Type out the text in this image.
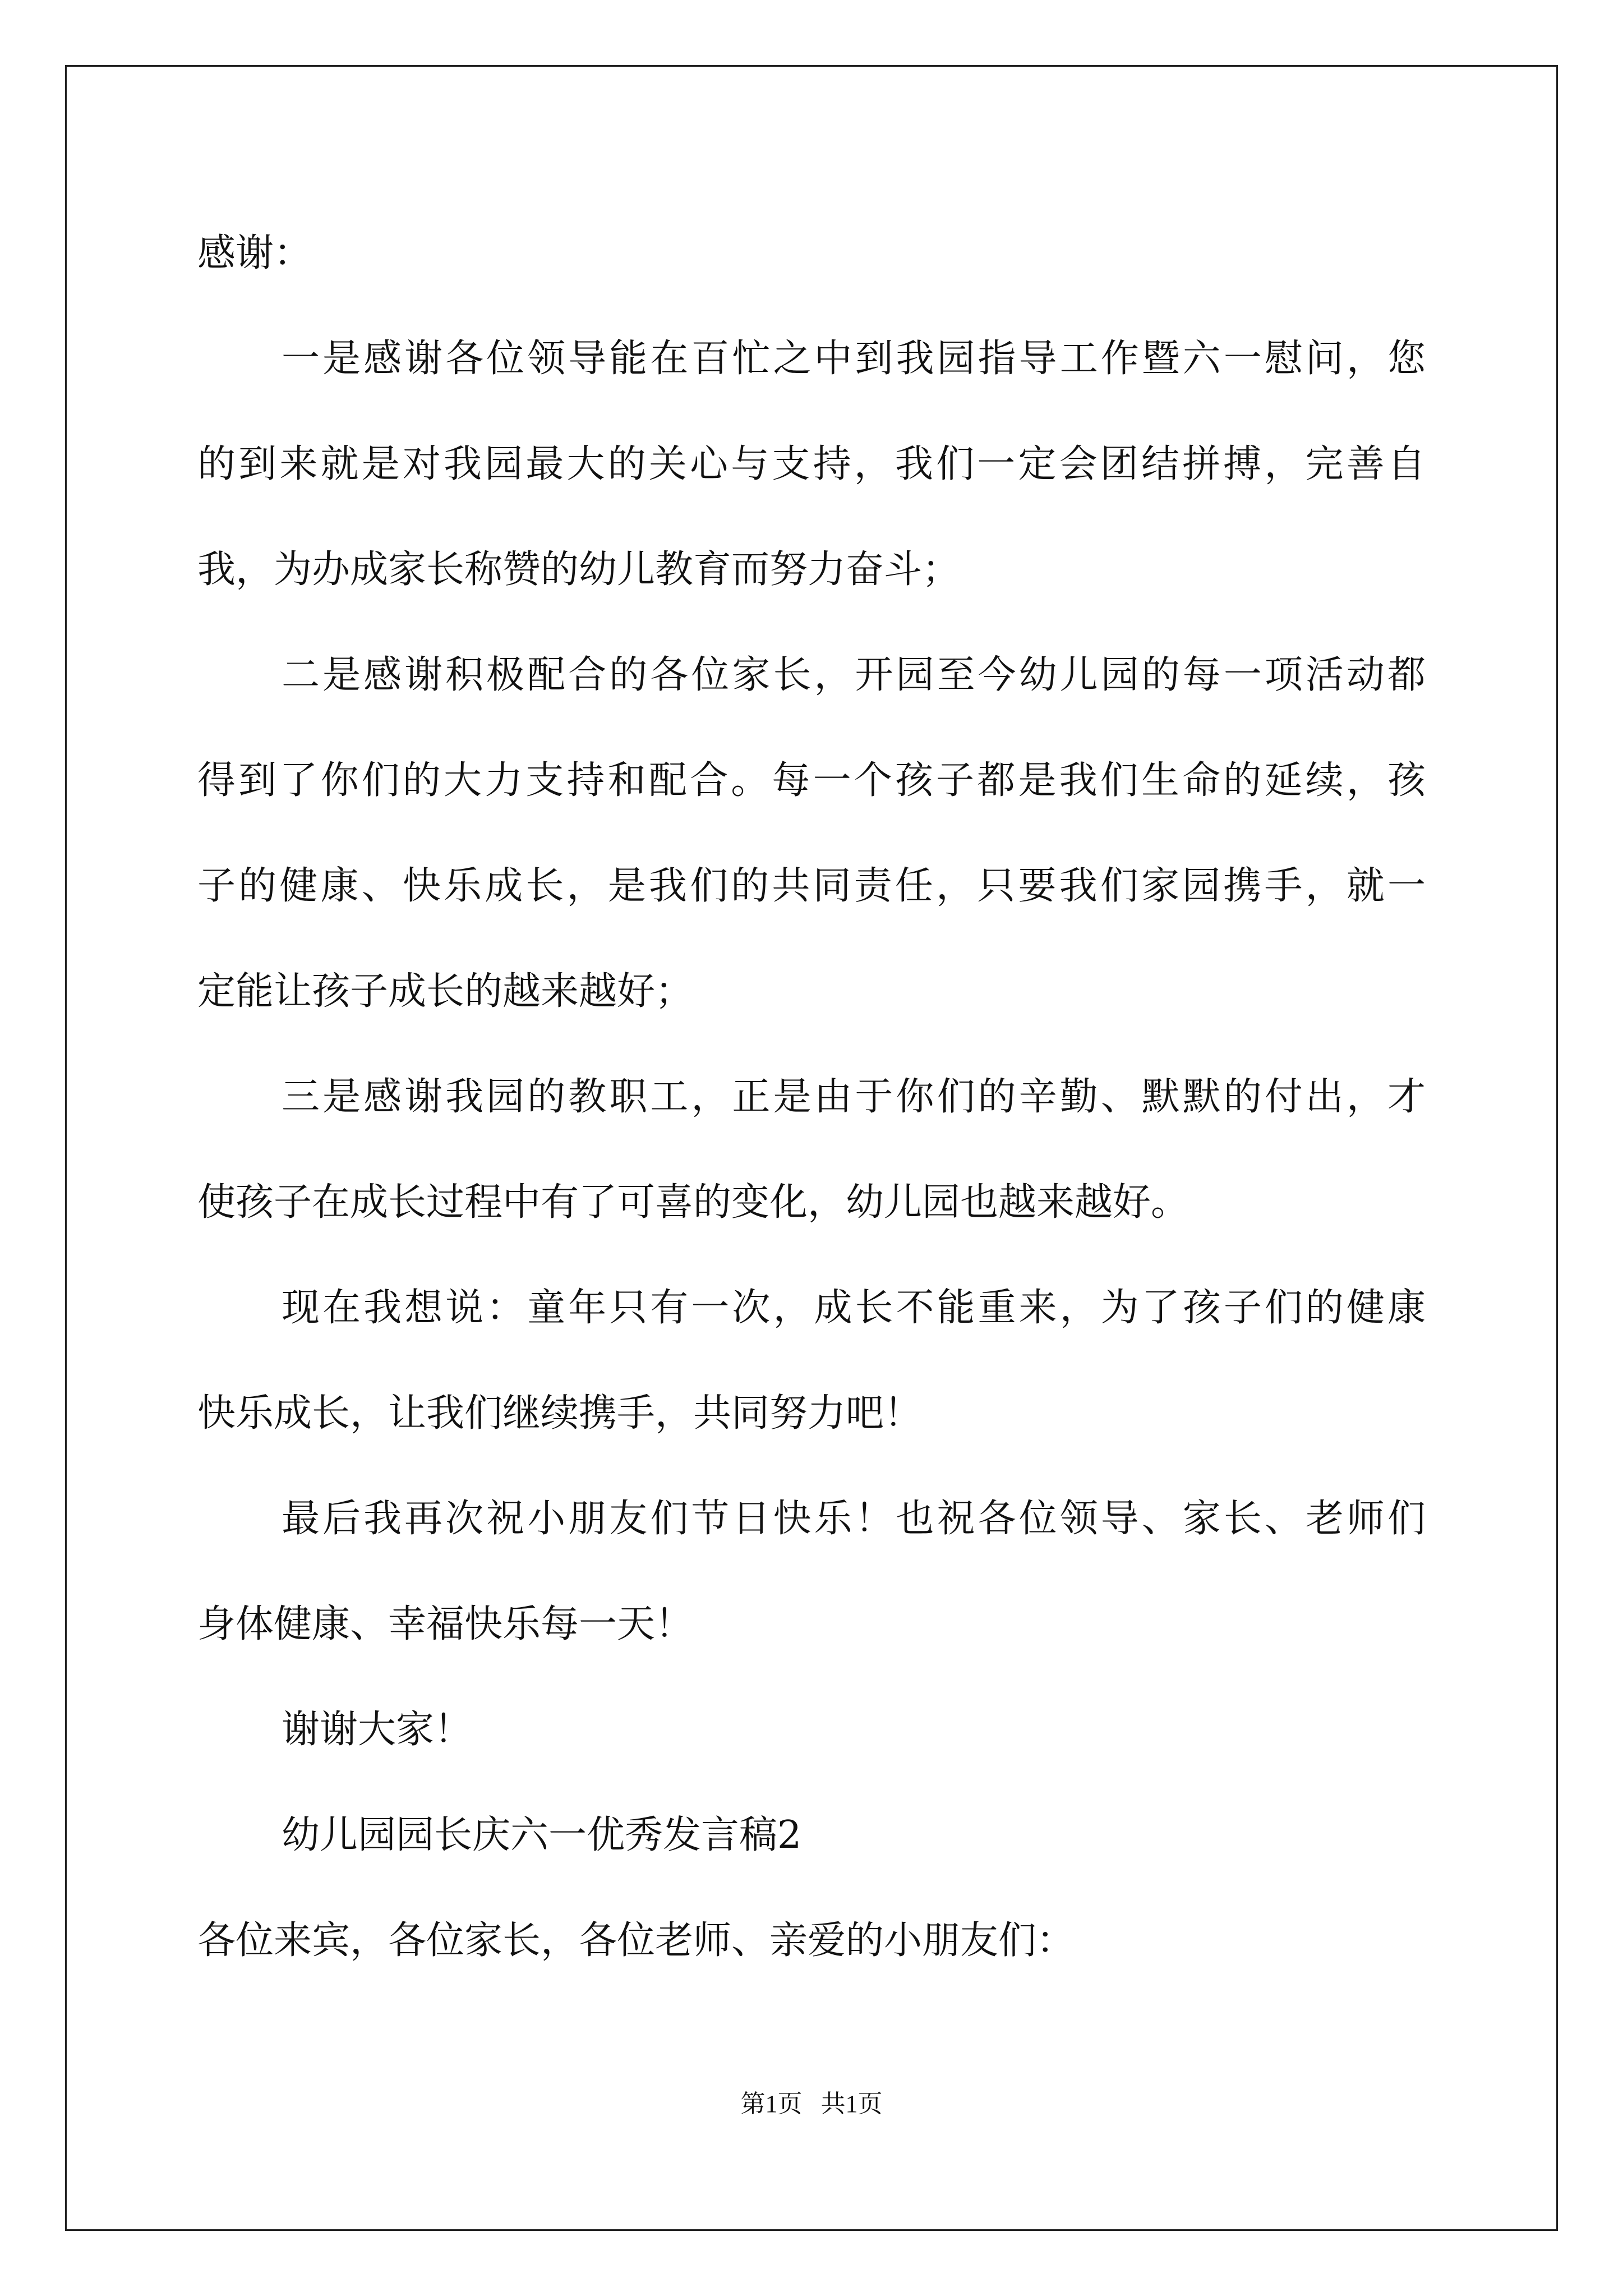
感谢：
一是感谢各位领导能在百忙之中到我园指导工作暨六一慰问，您
的到来就是对我园最大的关心与支持，我们一定会团结拼搏，完善自
我，为办成家长称赞的幼儿教育而努力奋斗；
二是感谢积极配合的各位家长，开园至今幼儿园的每一项活动都
得到了你们的大力支持和配合。每一个孩子都是我们生命的延续，孩
子的健康、快乐成长，是我们的共同责任，只要我们家园携手，就一
定能让孩子成长的越来越好；
三是感谢我园的教职工，正是由于你们的辛勤、默默的付出，才
使孩子在成长过程中有了可喜的变化，幼儿园也越来越好。
现在我想说：童年只有一次，成长不能重来，为了孩子们的健康
快乐成长，让我们继续携手，共同努力吧！
最后我再次祝小朋友们节日快乐！也祝各位领导、家长、老师们
身体健康、幸福快乐每一天！
谢谢大家！
幼儿园园长庆六一优秀发言稿2
各位来宾，各位家长，各位老师、亲爱的小朋友们：
第1页   共1页
